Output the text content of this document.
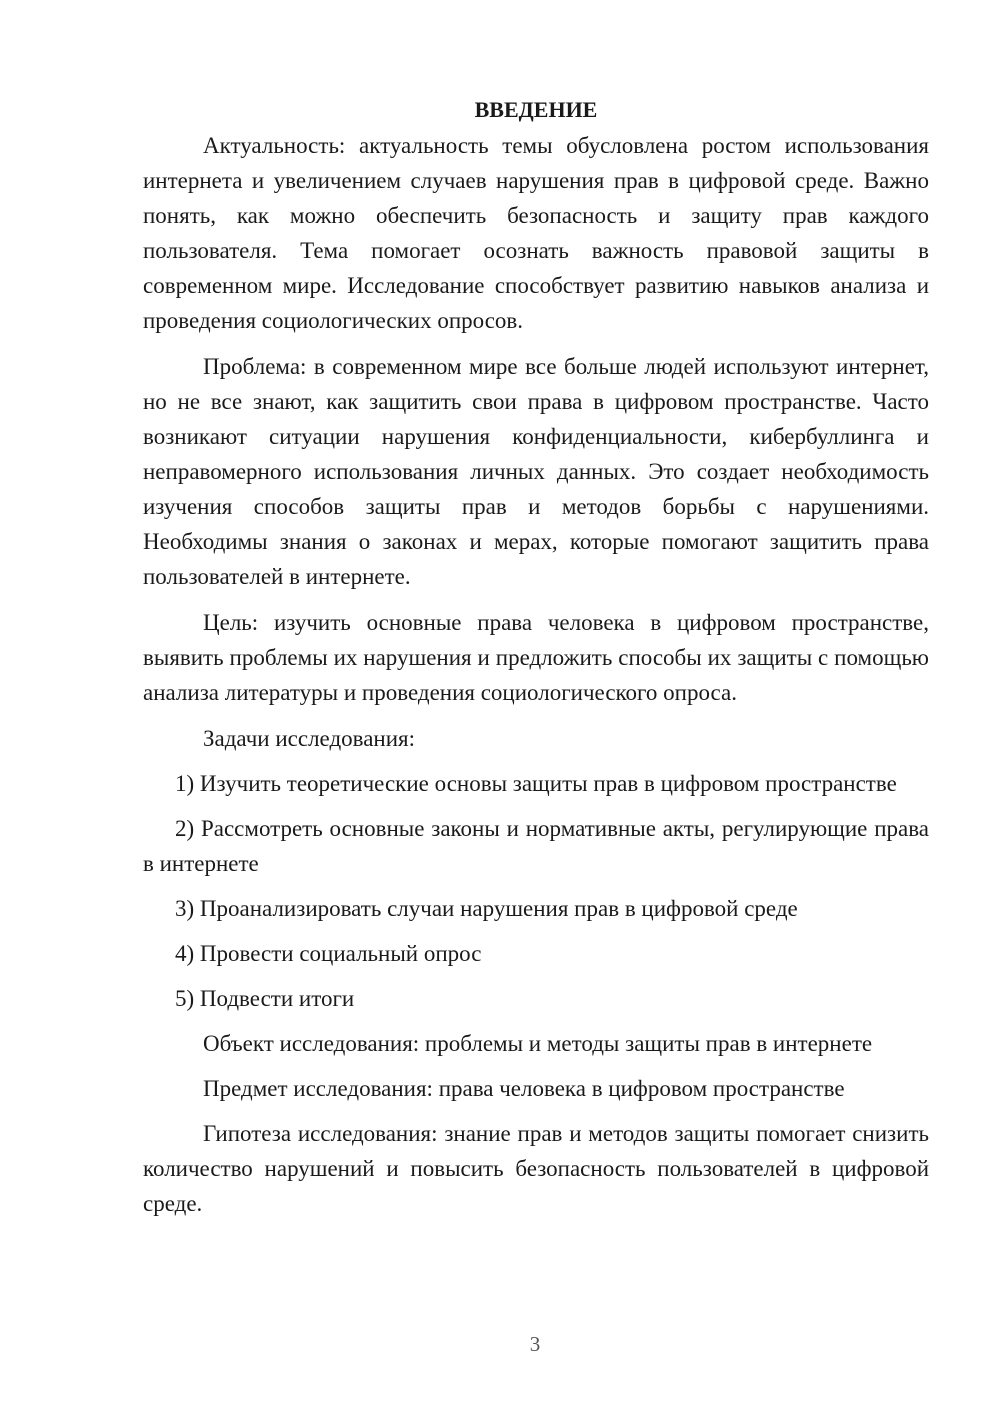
ВВЕДЕНИЕ

Актуальность: актуальность темы обусловлена ростом использования интернета и увеличением случаев нарушения прав в цифровой среде. Важно понять, как можно обеспечить безопасность и защиту прав каждого пользователя. Тема помогает осознать важность правовой защиты в современном мире. Исследование способствует развитию навыков анализа и проведения социологических опросов.

Проблема: в современном мире все больше людей используют интернет, но не все знают, как защитить свои права в цифровом пространстве. Часто возникают ситуации нарушения конфиденциальности, кибербуллинга и неправомерного использования личных данных. Это создает необходимость изучения способов защиты прав и методов борьбы с нарушениями. Необходимы знания о законах и мерах, которые помогают защитить права пользователей в интернете.

Цель: изучить основные права человека в цифровом пространстве, выявить проблемы их нарушения и предложить способы их защиты с помощью анализа литературы и проведения социологического опроса.

Задачи исследования:

1) Изучить теоретические основы защиты прав в цифровом пространстве

2) Рассмотреть основные законы и нормативные акты, регулирующие права в интернете

3) Проанализировать случаи нарушения прав в цифровой среде

4) Провести социальный опрос

5) Подвести итоги

Объект исследования: проблемы и методы защиты прав в интернете

Предмет исследования: права человека в цифровом пространстве

Гипотеза исследования: знание прав и методов защиты помогает снизить количество нарушений и повысить безопасность пользователей в цифровой среде.

3
